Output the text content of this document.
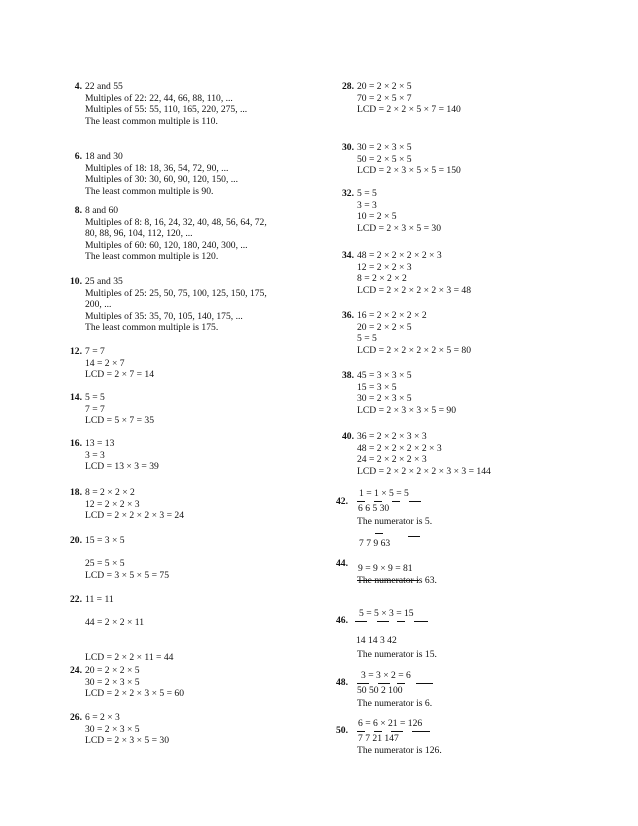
4. 22 and 55
Multiples of 22: 22, 44, 66, 88, 110, ...
Multiples of 55: 55, 110, 165, 220, 275, ...
The least common multiple is 110.
6. 18 and 30
Multiples of 18: 18, 36, 54, 72, 90, ...
Multiples of 30: 30, 60, 90, 120, 150, ...
The least common multiple is 90.
8. 8 and 60
Multiples of 8: 8, 16, 24, 32, 40, 48, 56, 64, 72,
80, 88, 96, 104, 112, 120, ...
Multiples of 60: 60, 120, 180, 240, 300, ...
The least common multiple is 120.
10. 25 and 35
Multiples of 25: 25, 50, 75, 100, 125, 150, 175,
200, ...
Multiples of 35: 35, 70, 105, 140, 175, ...
The least common multiple is 175.
12. 7 = 7
14 = 2 × 7
LCD = 2 × 7 = 14
14. 5 = 5
7 = 7
LCD = 5 × 7 = 35
16. 13 = 13
3 = 3
LCD = 13 × 3 = 39
18. 8 = 2 × 2 × 2
12 = 2 × 2 × 3
LCD = 2 × 2 × 2 × 3 = 24
20. 15 = 3 × 5
25 = 5 × 5
LCD = 3 × 5 × 5 = 75
22. 11 = 11
44 = 2 × 2 × 11
LCD = 2 × 2 × 11 = 44
24. 20 = 2 × 2 × 5
30 = 2 × 3 × 5
LCD = 2 × 2 × 3 × 5 = 60
26. 6 = 2 × 3
30 = 2 × 3 × 5
LCD = 2 × 3 × 5 = 30
28. 20 = 2 × 2 × 5
70 = 2 × 5 × 7
LCD = 2 × 2 × 5 × 7 = 140
30. 30 = 2 × 3 × 5
50 = 2 × 5 × 5
LCD = 2 × 3 × 5 × 5 = 150
32. 5 = 5
3 = 3
10 = 2 × 5
LCD = 2 × 3 × 5 = 30
34. 48 = 2 × 2 × 2 × 2 × 3
12 = 2 × 2 × 3
8 = 2 × 2 × 2
LCD = 2 × 2 × 2 × 2 × 3 = 48
36. 16 = 2 × 2 × 2 × 2
20 = 2 × 2 × 5
5 = 5
LCD = 2 × 2 × 2 × 2 × 5 = 80
38. 45 = 3 × 3 × 5
15 = 3 × 5
30 = 2 × 3 × 5
LCD = 2 × 3 × 3 × 5 = 90
40. 36 = 2 × 2 × 3 × 3
48 = 2 × 2 × 2 × 2 × 3
24 = 2 × 2 × 2 × 3
LCD = 2 × 2 × 2 × 2 × 3 × 3 = 144
42.
1 = 1 × 5 = 5
6 6 5 30
The numerator is 5.
44.
7 7 9 63
9 = 9 × 9 = 81
The numerator is 63.
46.
5 = 5 × 3 = 15
14 14 3 42
The numerator is 15.
48.
3 = 3 × 2 = 6
50 50 2 100
The numerator is 6.
50.
6 = 6 × 21 = 126
7 7 21 147
The numerator is 126.
